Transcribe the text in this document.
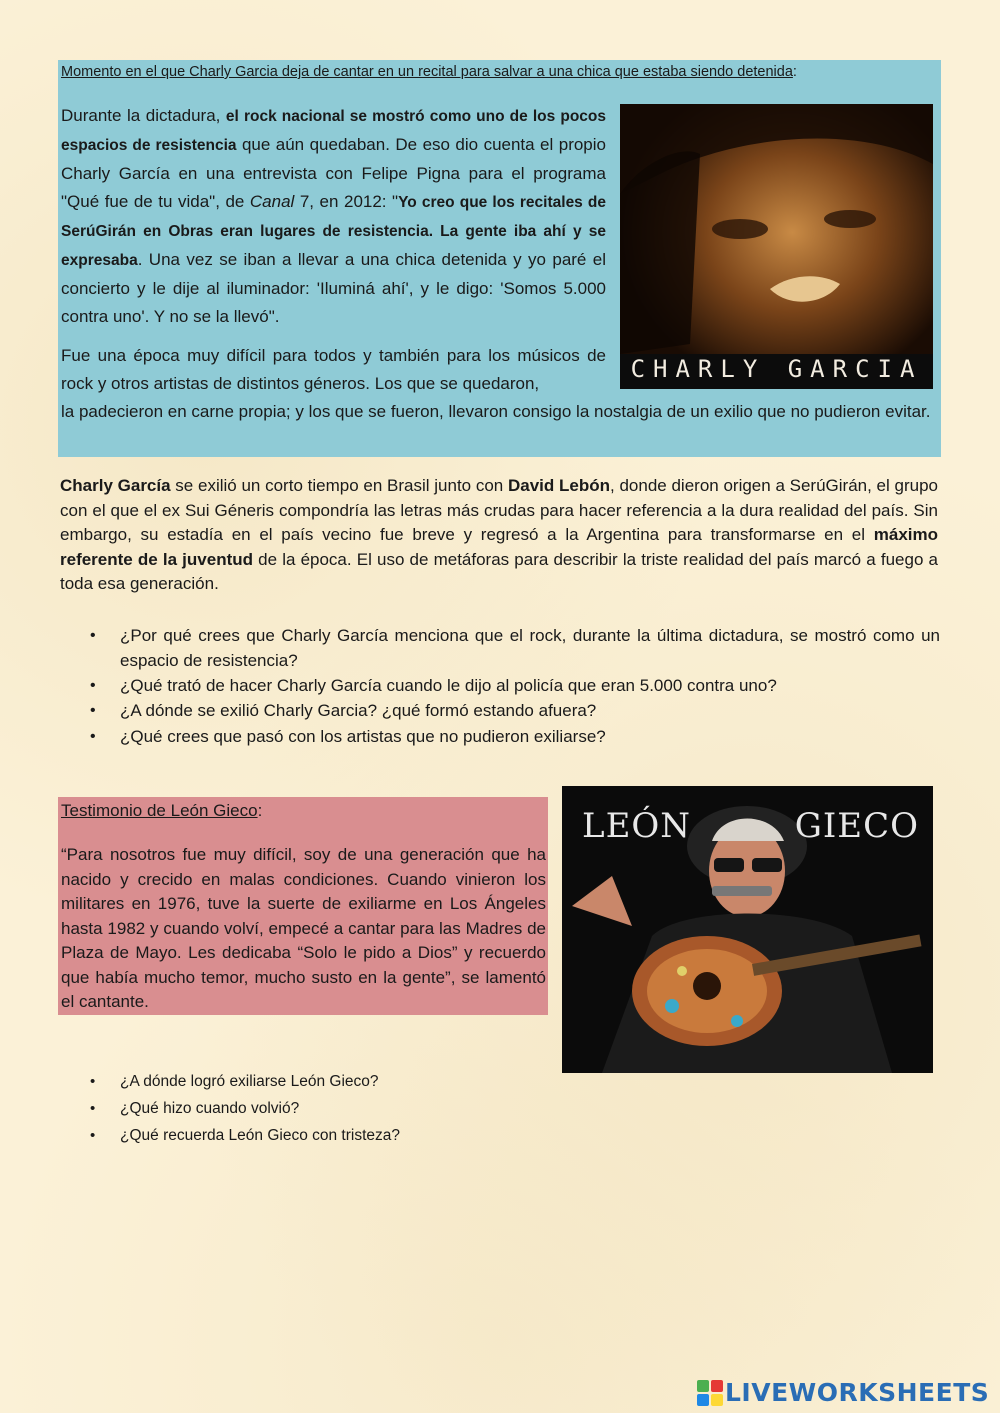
Momento en el que Charly Garcia deja de cantar en un recital para salvar a una chica que estaba siendo detenida:

Durante la dictadura, el rock nacional se mostró como uno de los pocos espacios de resistencia que aún quedaban. De eso dio cuenta el propio Charly García en una entrevista con Felipe Pigna para el programa "Qué fue de tu vida", de Canal 7, en 2012: "Yo creo que los recitales de SerúGirán en Obras eran lugares de resistencia. La gente iba ahí y se expresaba. Una vez se iban a llevar a una chica detenida y yo paré el concierto y le dije al iluminador: 'Iluminá ahí', y le digo: 'Somos 5.000 contra uno'. Y no se la llevó".

Fue una época muy difícil para todos y también para los músicos de rock y otros artistas de distintos géneros. Los que se quedaron,

la padecieron en carne propia; y los que se fueron, llevaron consigo la nostalgia de un exilio que no pudieron evitar.

CHARLY GARCIA

Charly García se exilió un corto tiempo en Brasil junto con David Lebón, donde dieron origen a SerúGirán, el grupo con el que el ex Sui Géneris compondría las letras más crudas para hacer referencia a la dura realidad del país. Sin embargo, su estadía en el país vecino fue breve y regresó a la Argentina para transformarse en el máximo referente de la juventud de la época. El uso de metáforas para describir la triste realidad del país marcó a fuego a toda esa generación.

• ¿Por qué crees que Charly García menciona que el rock, durante la última dictadura, se mostró como un espacio de resistencia?
• ¿Qué trató de hacer Charly García cuando le dijo al policía que eran 5.000 contra uno?
• ¿A dónde se exilió Charly Garcia? ¿qué formó estando afuera?
• ¿Qué crees que pasó con los artistas que no pudieron exiliarse?
Testimonio de León Gieco:
“Para nosotros fue muy difícil, soy de una generación que ha nacido y crecido en malas condiciones. Cuando vinieron los militares en 1976, tuve la suerte de exiliarme en Los Ángeles hasta 1982 y cuando volví, empecé a cantar para las Madres de Plaza de Mayo. Les dedicaba “Solo le pido a Dios” y recuerdo que había mucho temor, mucho susto en la gente”, se lamentó el cantante.
LEÓN	GIECO
• ¿A dónde logró exiliarse León Gieco?
• ¿Qué hizo cuando volvió?
• ¿Qué recuerda León Gieco con tristeza?
LIVEWORKSHEETS
